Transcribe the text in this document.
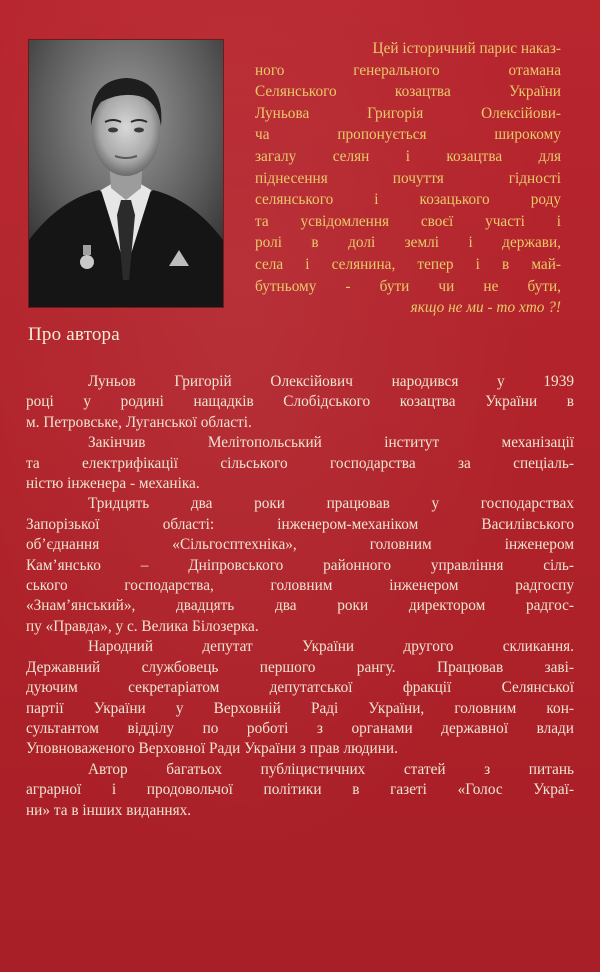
Цей історичний парис наказ-
ного генерального отамана
Селянського козацтва України
Луньова Григорія Олексійови-
ча пропонується широкому
загалу селян і козацтва для
піднесення почуття гідності
селянського і козацького роду
та усвідомлення своєї участі і
ролі в долі землі і держави,
села і селянина, тепер і в май-
бутньому - бути чи не бути,
якщо не ми - то хто ?!
Про автора
Луньов Григорій Олексійович народився у 1939
році у родині нащадків Слобідського козацтва України в
м. Петровське, Луганської області.
Закінчив Мелітопольський інститут механізації
та електрифікації сільського господарства за спеціаль-
ністю інженера - механіка.
Тридцять два роки працював у господарствах
Запорізької області: інженером-механіком Василівського
об’єднання «Сільгосптехніка», головним інженером
Кам’янсько – Дніпровського районного управління сіль-
ського господарства, головним інженером радгоспу
«Знам’янський», двадцять два роки директором радгос-
пу «Правда», у с. Велика Білозерка.
Народний депутат України другого скликання.
Державний службовець першого рангу. Працював заві-
дуючим секретаріатом депутатської фракції Селянської
партії України у Верховній Раді України, головним кон-
сультантом відділу по роботі з органами державної влади
Уповноваженого Верховної Ради України з прав людини.
Автор багатьох публіцистичних статей з питань
аграрної і продовольчої політики в газеті «Голос Украї-
ни» та в інших виданнях.
